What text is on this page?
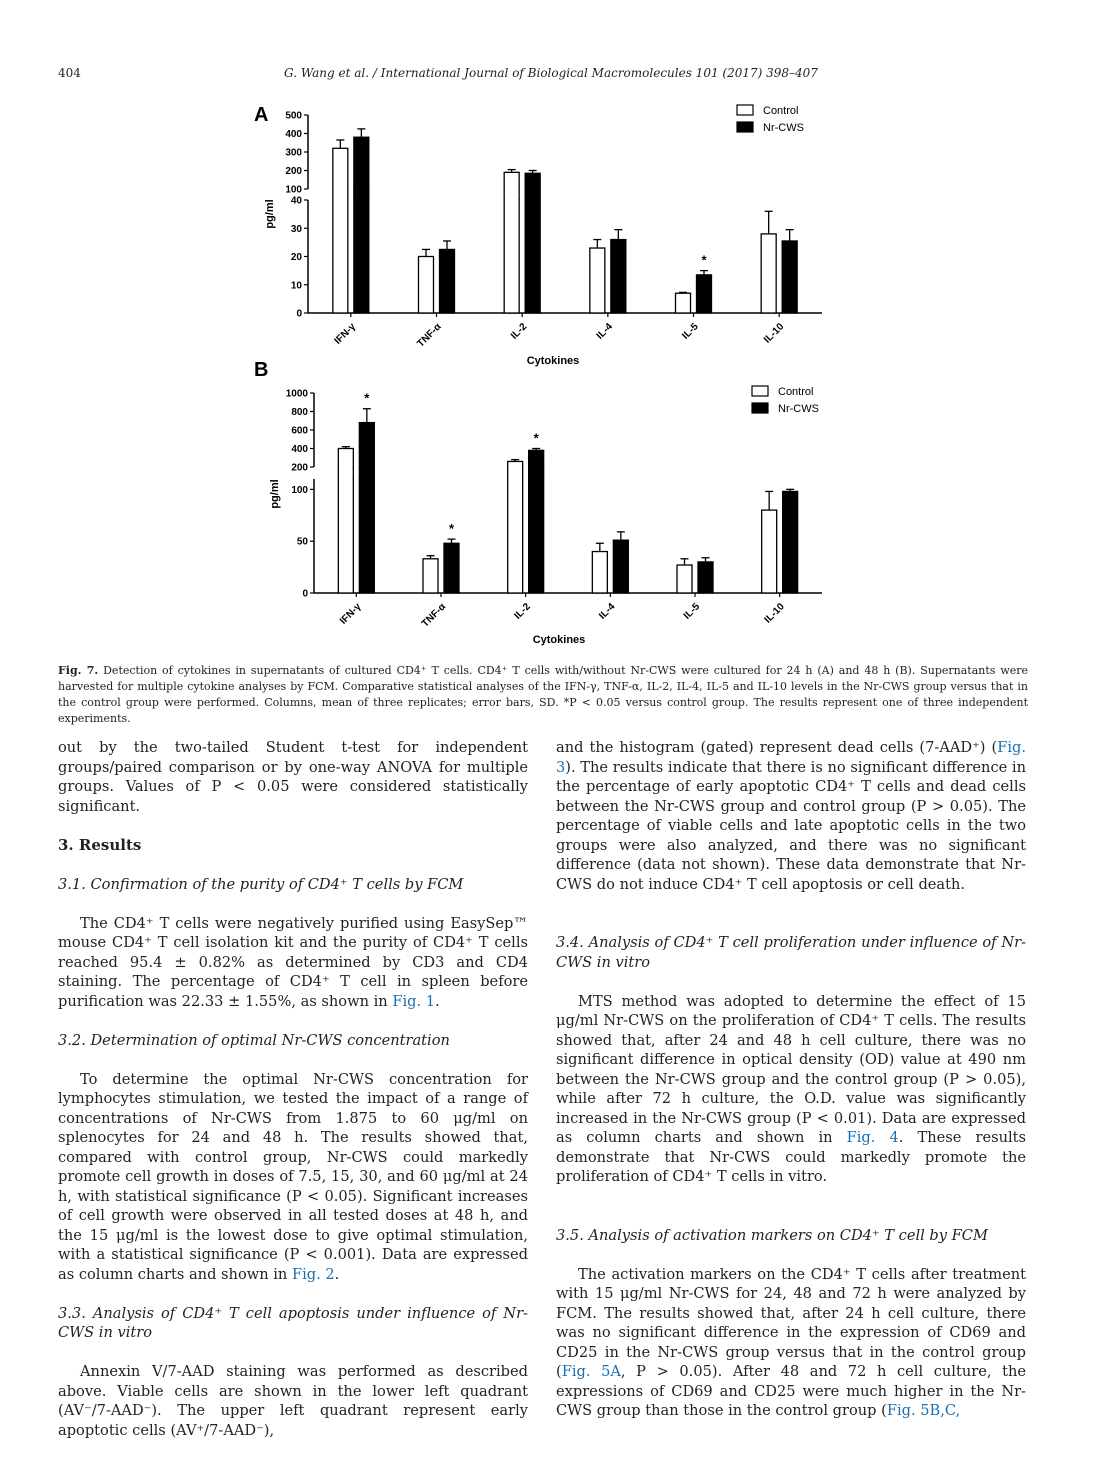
404	G. Wang et al. / International Journal of Biological Macromolecules 101 (2017) 398–407
A
0
10
20
30
40
100
200
300
400
500
pg/ml
IFN-γ	TNF-α	IL-2	IL-4
*
IL-5	IL-10
Cytokines
Control
Nr-CWS
B
0
50
100
200
400
600
800
1000
pg/ml
*
IFN-γ
*
TNF-α
*
IL-2	IL-4	IL-5	IL-10
Cytokines
Control
Nr-CWS
Fig. 7. Detection of cytokines in supernatants of cultured CD4⁺ T cells. CD4⁺ T cells with/without Nr-CWS were cultured for 24 h (A) and 48 h (B). Supernatants were harvested for multiple cytokine analyses by FCM. Comparative statistical analyses of the IFN-γ, TNF-α, IL-2, IL-4, IL-5 and IL-10 levels in the Nr-CWS group versus that in the control group were performed. Columns, mean of three replicates; error bars, SD. *P < 0.05 versus control group. The results represent one of three independent experiments.

out by the two-tailed Student t-test for independent groups/paired comparison or by one-way ANOVA for multiple groups. Values of P < 0.05 were considered statistically significant.

3. Results

3.1. Confirmation of the purity of CD4⁺ T cells by FCM

The CD4⁺ T cells were negatively purified using EasySep™ mouse CD4⁺ T cell isolation kit and the purity of CD4⁺ T cells reached 95.4 ± 0.82% as determined by CD3 and CD4 staining. The percentage of CD4⁺ T cell in spleen before purification was 22.33 ± 1.55%, as shown in Fig. 1.

3.2. Determination of optimal Nr-CWS concentration

To determine the optimal Nr-CWS concentration for lymphocytes stimulation, we tested the impact of a range of concentrations of Nr-CWS from 1.875 to 60 μg/ml on splenocytes for 24 and 48 h. The results showed that, compared with control group, Nr-CWS could markedly promote cell growth in doses of 7.5, 15, 30, and 60 μg/ml at 24 h, with statistical significance (P < 0.05). Significant increases of cell growth were observed in all tested doses at 48 h, and the 15 μg/ml is the lowest dose to give optimal stimulation, with a statistical significance (P < 0.001). Data are expressed as column charts and shown in Fig. 2.

3.3. Analysis of CD4⁺ T cell apoptosis under influence of Nr-CWS in vitro

Annexin V/7-AAD staining was performed as described above. Viable cells are shown in the lower left quadrant (AV⁻/7-AAD⁻). The upper left quadrant represent early apoptotic cells (AV⁺/7-AAD⁻),

and the histogram (gated) represent dead cells (7-AAD⁺) (Fig. 3). The results indicate that there is no significant difference in the percentage of early apoptotic CD4⁺ T cells and dead cells between the Nr-CWS group and control group (P > 0.05). The percentage of viable cells and late apoptotic cells in the two groups were also analyzed, and there was no significant difference (data not shown). These data demonstrate that Nr-CWS do not induce CD4⁺ T cell apoptosis or cell death.

3.4. Analysis of CD4⁺ T cell proliferation under influence of Nr-CWS in vitro

MTS method was adopted to determine the effect of 15 μg/ml Nr-CWS on the proliferation of CD4⁺ T cells. The results showed that, after 24 and 48 h cell culture, there was no significant difference in optical density (OD) value at 490 nm between the Nr-CWS group and the control group (P > 0.05), while after 72 h culture, the O.D. value was significantly increased in the Nr-CWS group (P < 0.01). Data are expressed as column charts and shown in Fig. 4. These results demonstrate that Nr-CWS could markedly promote the proliferation of CD4⁺ T cells in vitro.

3.5. Analysis of activation markers on CD4⁺ T cell by FCM

The activation markers on the CD4⁺ T cells after treatment with 15 μg/ml Nr-CWS for 24, 48 and 72 h were analyzed by FCM. The results showed that, after 24 h cell culture, there was no significant difference in the expression of CD69 and CD25 in the Nr-CWS group versus that in the control group (Fig. 5A, P > 0.05). After 48 and 72 h cell culture, the expressions of CD69 and CD25 were much higher in the Nr-CWS group than those in the control group (Fig. 5B,C,
